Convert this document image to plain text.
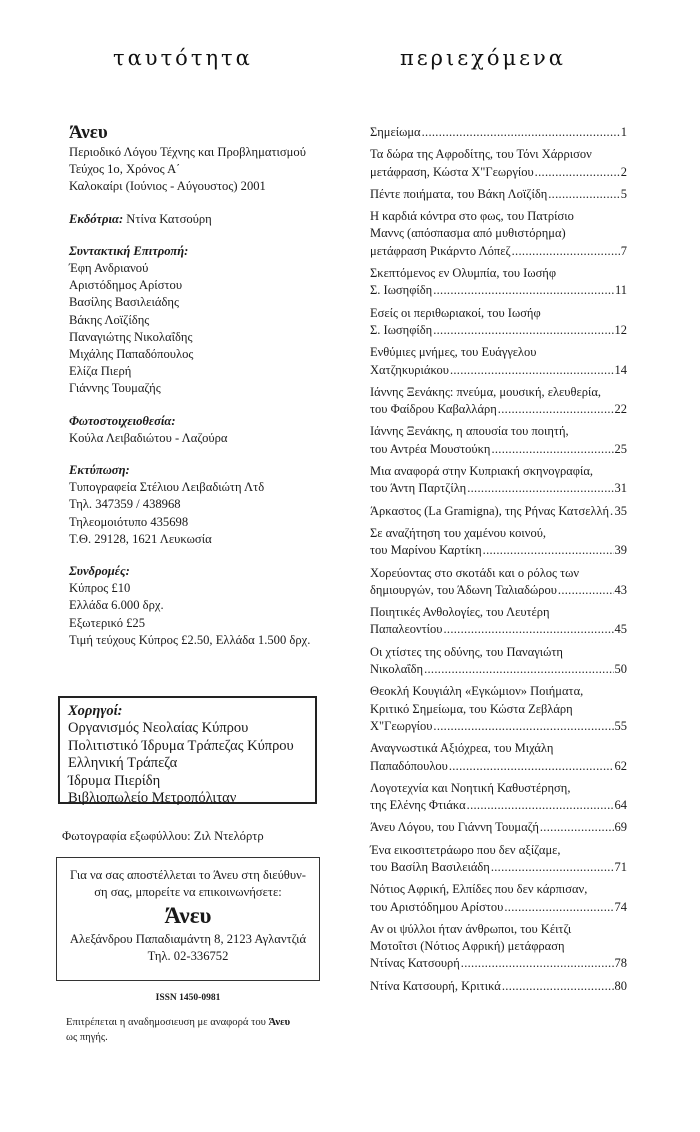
ταυτότητα	περιεχόμενα
Άνευ
Περιοδικό Λόγου Τέχνης και Προβληματισμού
Τεύχος 1ο, Χρόνος Α΄
Καλοκαίρι (Ιούνιος - Αύγουστος) 2001
Εκδότρια: Ντίνα Κατσούρη
Συντακτική Επιτροπή:
Έφη Ανδριανού
Αριστόδημος Αρίστου
Βασίλης Βασιλειάδης
Βάκης Λοϊζίδης
Παναγιώτης Νικολαΐδης
Μιχάλης Παπαδόπουλος
Ελίζα Πιερή
Γιάννης Τουμαζής
Φωτοστοιχειοθεσία:
Κούλα Λειβαδιώτου - Λαζούρα
Εκτύπωση:
Τυπογραφεία Στέλιου Λειβαδιώτη Λτδ
Τηλ. 347359 / 438968
Τηλεομοιότυπο 435698
Τ.Θ. 29128, 1621 Λευκωσία
Συνδρομές:
Κύπρος £10
Ελλάδα 6.000 δρχ.
Εξωτερικό £25
Τιμή τεύχους Κύπρος £2.50, Ελλάδα 1.500 δρχ.
Χορηγοί:
Οργανισμός Νεολαίας Κύπρου
Πολιτιστικό Ίδρυμα Τράπεζας Κύπρου
Ελληνική Τράπεζα
Ίδρυμα Πιερίδη
Βιβλιοπωλείο Μετροπόλιταν
Φωτογραφία εξωφύλλου: Ζιλ Ντελόρτρ
Για να σας αποστέλλεται το Άνευ στη διεύθυν-
ση σας, μπορείτε να επικοινωνήσετε:
Άνευ
Αλεξάνδρου Παπαδιαμάντη 8, 2123 Αγλαντζιά
Τηλ. 02-336752
ISSN 1450-0981
Επιτρέπεται η αναδημοσιευση με αναφορά του Άνευ
ως πηγής.
Σημείωμα .....	1
Τα δώρα της Αφροδίτης, του Τόνι Χάρρισον
μετάφραση, Κώστα Χ"Γεωργίου .....	2
Πέντε ποιήματα, του Βάκη Λοϊζίδη .....	5
Η καρδιά κόντρα στο φως, του Πατρίσιο
Μαννς (απόσπασμα από μυθιστόρημα)
μετάφραση Ρικάρντο Λόπεζ .....	7
Σκεπτόμενος εν Ολυμπία, του Ιωσήφ
Σ. Ιωσηφίδη .....	11
Εσείς οι περιθωριακοί, του Ιωσήφ
Σ. Ιωσηφίδη .....	12
Ενθύμιες μνήμες, του Ευάγγελου
Χατζηκυριάκου .....	14
Ιάννης Ξενάκης: πνεύμα, μουσική, ελευθερία,
του Φαίδρου Καβαλλάρη .....	22
Ιάννης Ξενάκης, η απουσία του ποιητή,
του Αντρέα Μουστούκη .....	25
Μια αναφορά στην Κυπριακή σκηνογραφία,
του Άντη Παρτζίλη .....	31
Άρκαστος (La Gramigna), της Ρήνας Κατσελλή ..... 35
Σε αναζήτηση του χαμένου κοινού,
του Μαρίνου Καρτίκη .....	39
Χορεύοντας στο σκοτάδι και ο ρόλος των
δημιουργών, του Άδωνη Ταλιαδώρου .....	43
Ποιητικές Ανθολογίες, του Λευτέρη
Παπαλεοντίου .....	45
Οι χτίστες της οδύνης, του Παναγιώτη
Νικολαΐδη .....	50
Θεοκλή Κουγιάλη «Εγκώμιον» Ποιήματα,
Κριτικό Σημείωμα, του Κώστα Ζεβλάρη
Χ"Γεωργίου .....	55
Αναγνωστικά Αξιόχρεα, του Μιχάλη
Παπαδόπουλου .....	62
Λογοτεχνία και Νοητική Καθυστέρηση,
της Ελένης Φτιάκα .....	64
Άνευ Λόγου, του Γιάννη Τουμαζή .....	69
Ένα εικοσιτετράωρο που δεν αξίζαμε,
του Βασίλη Βασιλειάδη .....	71
Νότιος Αφρική, Ελπίδες που δεν κάρπισαν,
του Αριστόδημου Αρίστου .....	74
Αν οι ψύλλοι ήταν άνθρωποι, του Κέιτζι
Μοτοΐτσι (Νότιος Αφρική) μετάφραση
Ντίνας Κατσουρή .....	78
Ντίνα Κατσουρή, Κριτικά .....	80
